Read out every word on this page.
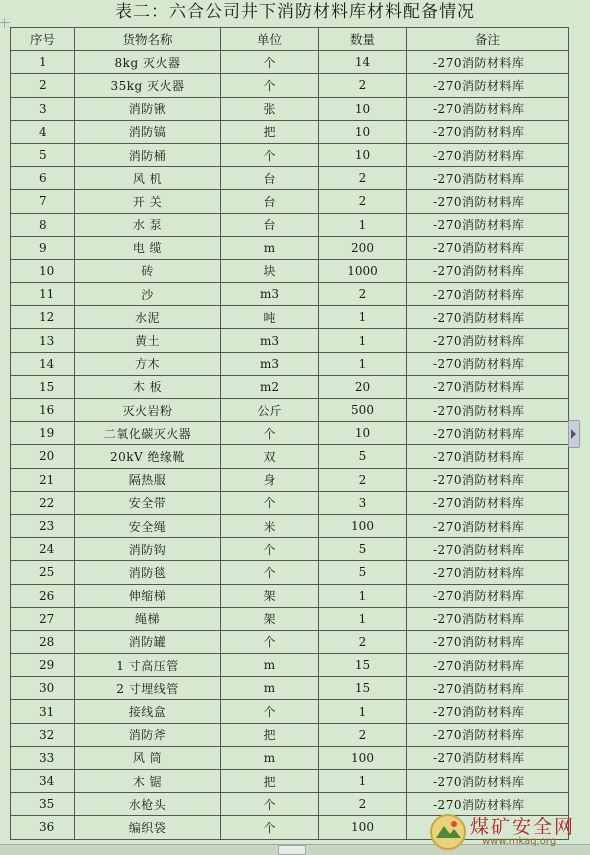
表二：六合公司井下消防材料库材料配备情况
序号	货物名称	单位	数量	备注
1	8kg 灭火器	个	14	-270消防材料库
2	35kg 灭火器	个	2	-270消防材料库
3	消防锹	张	10	-270消防材料库
4	消防镐	把	10	-270消防材料库
5	消防桶	个	10	-270消防材料库
6	风 机	台	2	-270消防材料库
7	开 关	台	2	-270消防材料库
8	水 泵	台	1	-270消防材料库
9	电 缆	m	200	-270消防材料库
10	砖	块	1000	-270消防材料库
11	沙	m3	2	-270消防材料库
12	水泥	吨	1	-270消防材料库
13	黄土	m3	1	-270消防材料库
14	方木	m3	1	-270消防材料库
15	木 板	m2	20	-270消防材料库
16	灭火岩粉	公斤	500	-270消防材料库
19	二氧化碳灭火器	个	10	-270消防材料库
20	20kV 绝缘靴	双	5	-270消防材料库
21	隔热服	身	2	-270消防材料库
22	安全带	个	3	-270消防材料库
23	安全绳	米	100	-270消防材料库
24	消防钩	个	5	-270消防材料库
25	消防毯	个	5	-270消防材料库
26	伸缩梯	架	1	-270消防材料库
27	绳梯	架	1	-270消防材料库
28	消防罐	个	2	-270消防材料库
29	1 寸高压管	m	15	-270消防材料库
30	2 寸埋线管	m	15	-270消防材料库
31	接线盒	个	1	-270消防材料库
32	消防斧	把	2	-270消防材料库
33	风 筒	m	100	-270消防材料库
34	木 锯	把	1	-270消防材料库
35	水枪头	个	2	-270消防材料库
36	编织袋	个	100		煤矿安全网
www.mkaq.org
